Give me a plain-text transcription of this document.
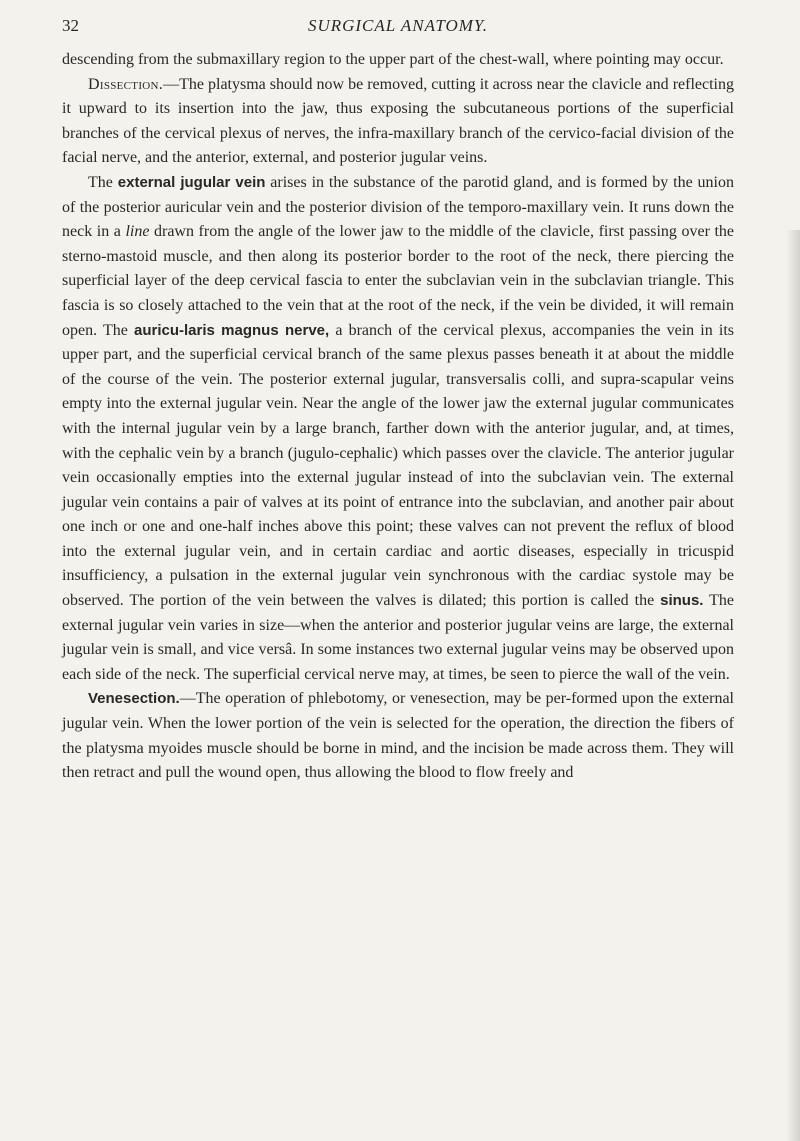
32	SURGICAL ANATOMY.

descending from the submaxillary region to the upper part of the chest-wall, where pointing may occur.

Dissection.—The platysma should now be removed, cutting it across near the clavicle and reflecting it upward to its insertion into the jaw, thus exposing the subcutaneous portions of the superficial branches of the cervical plexus of nerves, the infra-maxillary branch of the cervico-facial division of the facial nerve, and the anterior, external, and posterior jugular veins.

The external jugular vein arises in the substance of the parotid gland, and is formed by the union of the posterior auricular vein and the posterior division of the temporo-maxillary vein. It runs down the neck in a line drawn from the angle of the lower jaw to the middle of the clavicle, first passing over the sterno-mastoid muscle, and then along its posterior border to the root of the neck, there piercing the superficial layer of the deep cervical fascia to enter the subclavian vein in the subclavian triangle. This fascia is so closely attached to the vein that at the root of the neck, if the vein be divided, it will remain open. The auricu-laris magnus nerve, a branch of the cervical plexus, accompanies the vein in its upper part, and the superficial cervical branch of the same plexus passes beneath it at about the middle of the course of the vein. The posterior external jugular, transversalis colli, and supra-scapular veins empty into the external jugular vein. Near the angle of the lower jaw the external jugular communicates with the internal jugular vein by a large branch, farther down with the anterior jugular, and, at times, with the cephalic vein by a branch (jugulo-cephalic) which passes over the clavicle. The anterior jugular vein occasionally empties into the external jugular instead of into the subclavian vein. The external jugular vein contains a pair of valves at its point of entrance into the subclavian, and another pair about one inch or one and one-half inches above this point; these valves can not prevent the reflux of blood into the external jugular vein, and in certain cardiac and aortic diseases, especially in tricuspid insufficiency, a pulsation in the external jugular vein synchronous with the cardiac systole may be observed. The portion of the vein between the valves is dilated; this portion is called the sinus. The external jugular vein varies in size—when the anterior and posterior jugular veins are large, the external jugular vein is small, and vice versâ. In some instances two external jugular veins may be observed upon each side of the neck. The superficial cervical nerve may, at times, be seen to pierce the wall of the vein.

Venesection.—The operation of phlebotomy, or venesection, may be per-formed upon the external jugular vein. When the lower portion of the vein is selected for the operation, the direction the fibers of the platysma myoides muscle should be borne in mind, and the incision be made across them. They will then retract and pull the wound open, thus allowing the blood to flow freely and
